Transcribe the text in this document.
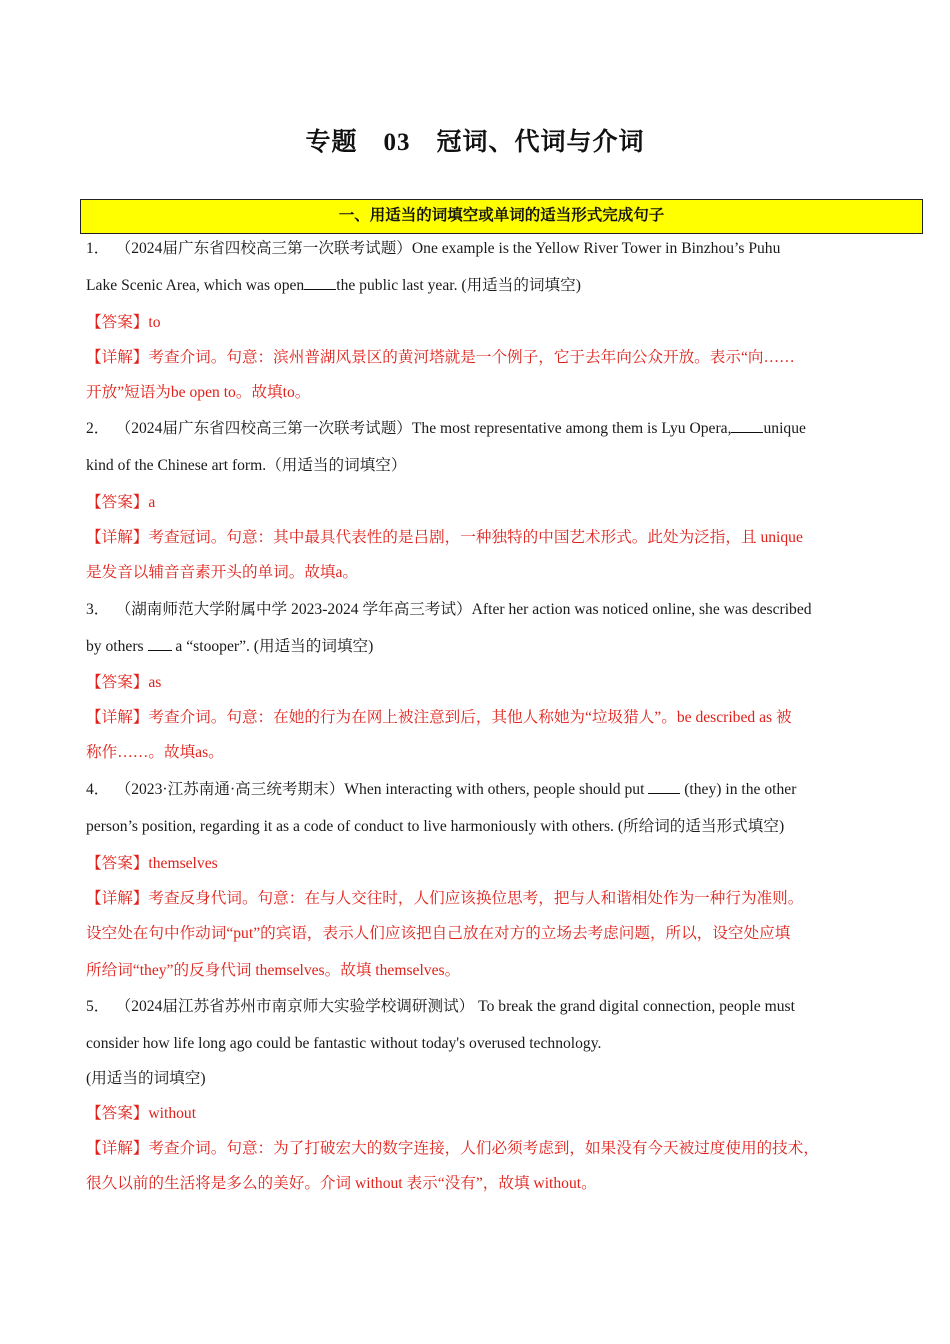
专题　03　冠词、代词与介词
一、用适当的词填空或单词的适当形式完成句子
1． （2024届广东省四校高三第一次联考试题）One example is the Yellow River Tower in Binzhou’s Puhu
Lake Scenic Area, which was open the public last year. (用适当的词填空)
【答案】to
【详解】考查介词。句意：滨州普湖风景区的黄河塔就是一个例子，它于去年向公众开放。表示“向……
开放”短语为be open to。故填to。
2． （2024届广东省四校高三第一次联考试题）The most representative among them is Lyu Opera, unique
kind of the Chinese art form.（用适当的词填空）
【答案】a
【详解】考查冠词。句意：其中最具代表性的是吕剧，一种独特的中国艺术形式。此处为泛指，且 unique
是发音以辅音音素开头的单词。故填a。
3． （湖南师范大学附属中学 2023-2024 学年高三考试）After her action was noticed online, she was described
by others a “stooper”. (用适当的词填空)
【答案】as
【详解】考查介词。句意：在她的行为在网上被注意到后，其他人称她为“垃圾猎人”。be described as 被
称作……。故填as。
4． （2023·江苏南通·高三统考期末）When interacting with others, people should put	(they) in the other
person’s position, regarding it as a code of conduct to live harmoniously with others. (所给词的适当形式填空)
【答案】themselves
【详解】考查反身代词。句意：在与人交往时，人们应该换位思考，把与人和谐相处作为一种行为准则。
设空处在句中作动词“put”的宾语，表示人们应该把自己放在对方的立场去考虑问题，所以，设空处应填
所给词“they”的反身代词 themselves。故填 themselves。
5． （2024届江苏省苏州市南京师大实验学校调研测试） To break the grand digital connection, people must
consider how life long ago could be fantastic without today's overused technology.
(用适当的词填空)
【答案】without
【详解】考查介词。句意：为了打破宏大的数字连接，人们必须考虑到，如果没有今天被过度使用的技术，
很久以前的生活将是多么的美好。介词 without 表示“没有”，故填 without。
